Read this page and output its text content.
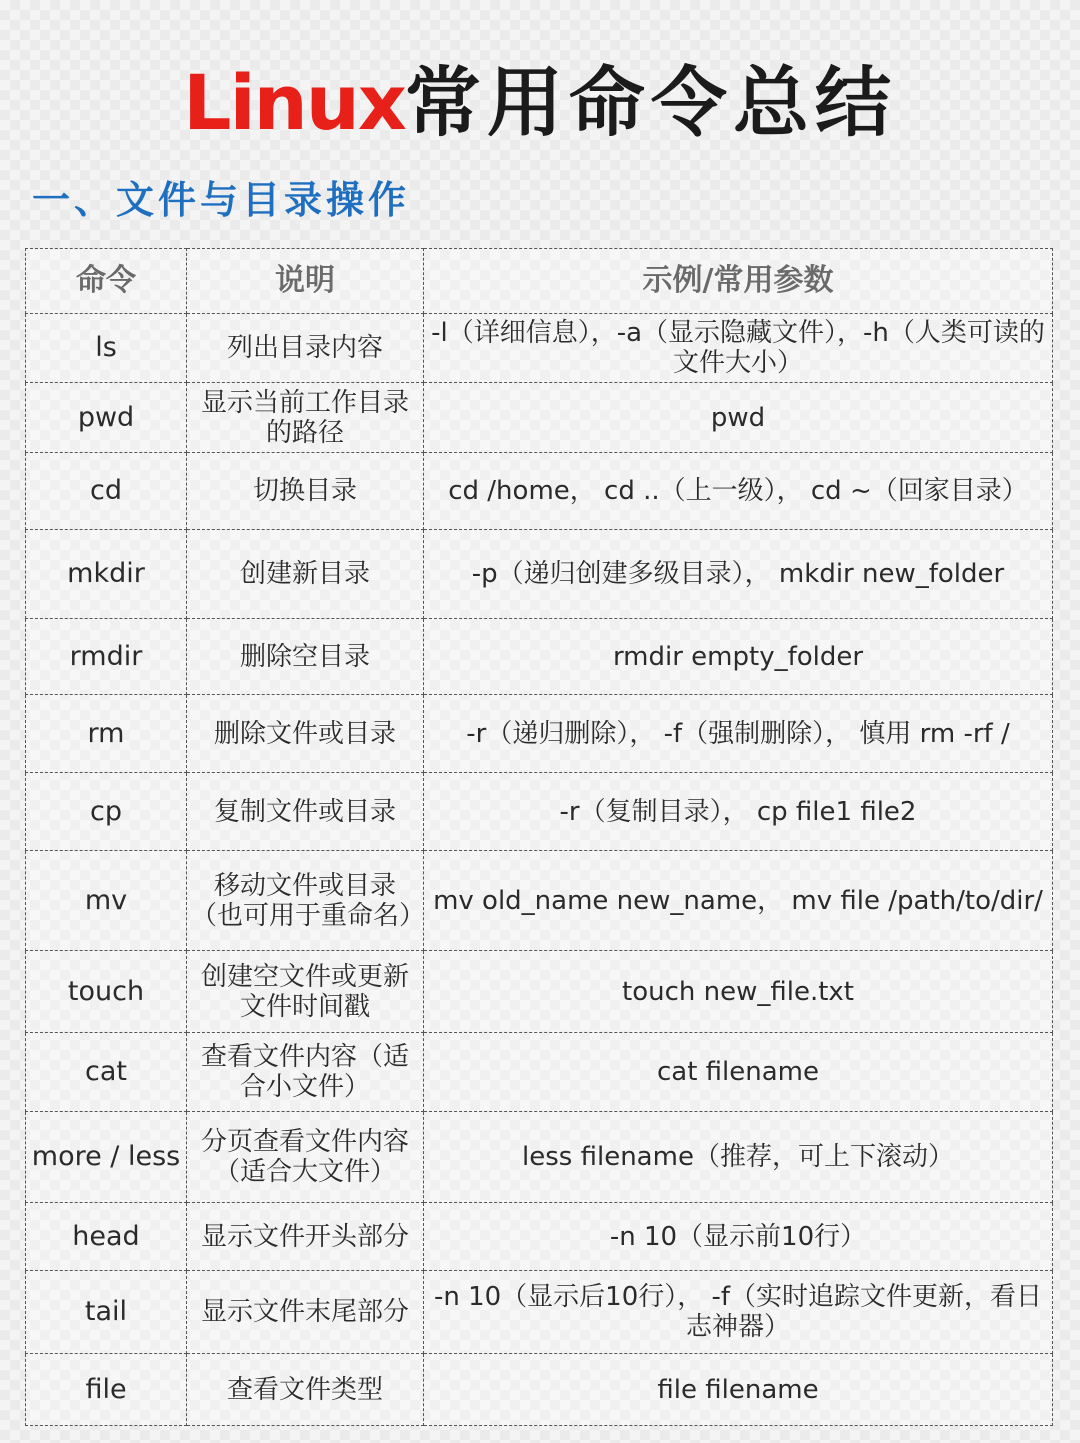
Linux常用命令总结
一、文件与目录操作
命令	说明	示例/常用参数
ls	列出目录内容	-l（详细信息），-a（显示隐藏文件），-h（人类可读的文件大小）
pwd	显示当前工作目录的路径	pwd
cd	切换目录	cd /home， cd ..（上一级）， cd ~（回家目录）
mkdir	创建新目录	-p（递归创建多级目录）， mkdir new_folder
rmdir	删除空目录	rmdir empty_folder
rm	删除文件或目录	-r（递归删除）， -f（强制删除）， 慎用 rm -rf /
cp	复制文件或目录	-r（复制目录）， cp file1 file2
mv	移动文件或目录（也可用于重命名）	mv old_name new_name， mv file /path/to/dir/
touch	创建空文件或更新文件时间戳	touch new_file.txt
cat	查看文件内容（适合小文件）	cat filename
more / less	分页查看文件内容（适合大文件）	less filename（推荐，可上下滚动）
head	显示文件开头部分	-n 10（显示前10行）
tail	显示文件末尾部分	-n 10（显示后10行）， -f（实时追踪文件更新，看日志神器）
file	查看文件类型	file filename
